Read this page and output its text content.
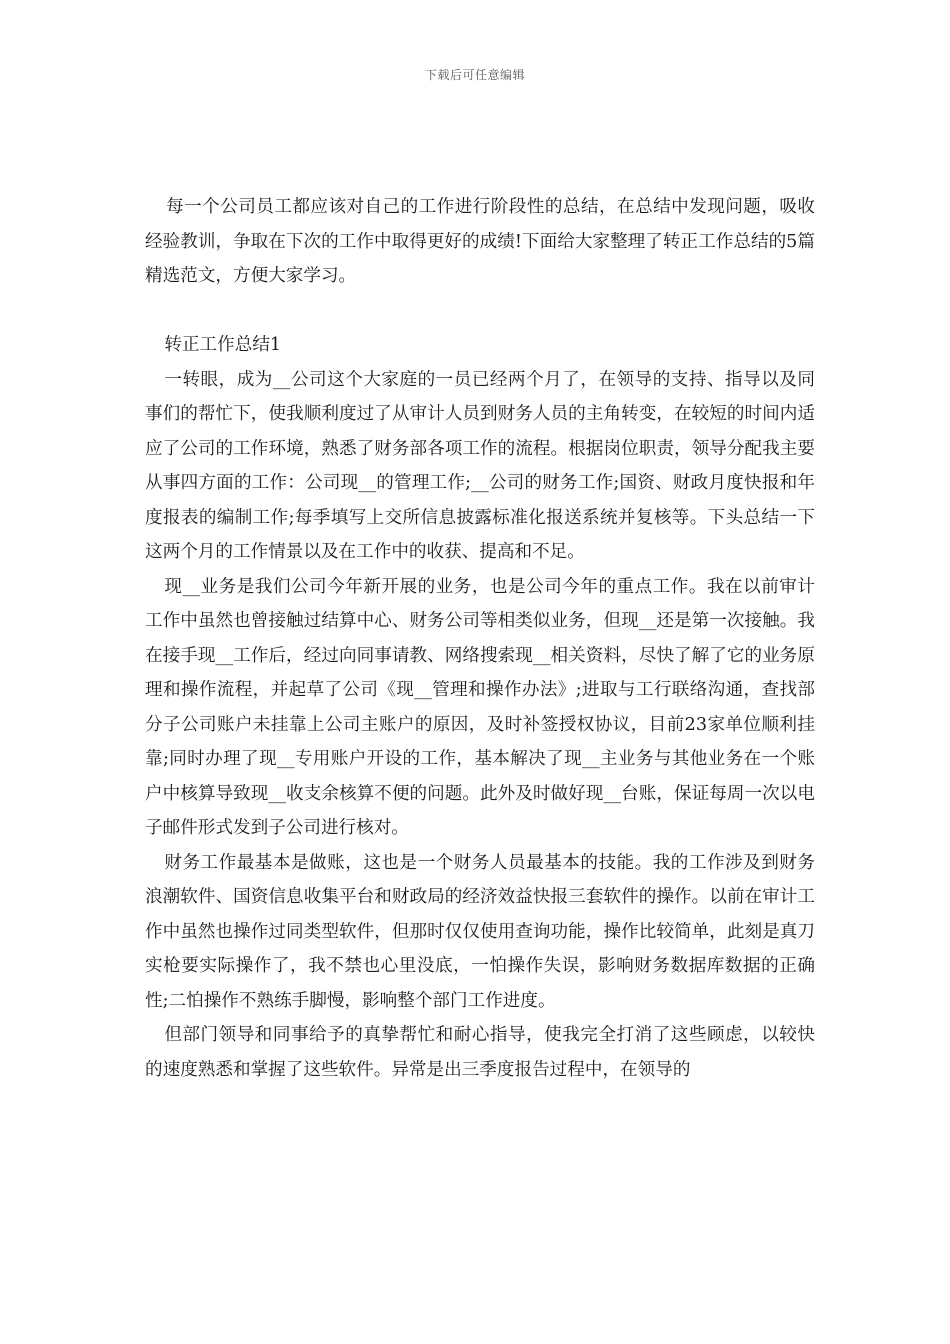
下载后可任意编辑

每一个公司员工都应该对自己的工作进行阶段性的总结，在总结中发现问题，吸收经验教训，争取在下次的工作中取得更好的成绩!下面给大家整理了转正工作总结的5篇精选范文，方便大家学习。

转正工作总结1

一转眼，成为__公司这个大家庭的一员已经两个月了，在领导的支持、指导以及同事们的帮忙下，使我顺利度过了从审计人员到财务人员的主角转变，在较短的时间内适应了公司的工作环境，熟悉了财务部各项工作的流程。根据岗位职责，领导分配我主要从事四方面的工作：公司现__的管理工作;__公司的财务工作;国资、财政月度快报和年度报表的编制工作;每季填写上交所信息披露标准化报送系统并复核等。下头总结一下这两个月的工作情景以及在工作中的收获、提高和不足。

现__业务是我们公司今年新开展的业务，也是公司今年的重点工作。我在以前审计工作中虽然也曾接触过结算中心、财务公司等相类似业务，但现__还是第一次接触。我在接手现__工作后，经过向同事请教、网络搜索现__相关资料，尽快了解了它的业务原理和操作流程，并起草了公司《现__管理和操作办法》;进取与工行联络沟通，查找部分子公司账户未挂靠上公司主账户的原因，及时补签授权协议，目前23家单位顺利挂靠;同时办理了现__专用账户开设的工作，基本解决了现__主业务与其他业务在一个账户中核算导致现__收支余核算不便的问题。此外及时做好现__台账，保证每周一次以电子邮件形式发到子公司进行核对。

财务工作最基本是做账，这也是一个财务人员最基本的技能。我的工作涉及到财务浪潮软件、国资信息收集平台和财政局的经济效益快报三套软件的操作。以前在审计工作中虽然也操作过同类型软件，但那时仅仅使用查询功能，操作比较简单，此刻是真刀实枪要实际操作了，我不禁也心里没底，一怕操作失误，影响财务数据库数据的正确性;二怕操作不熟练手脚慢，影响整个部门工作进度。

但部门领导和同事给予的真挚帮忙和耐心指导，使我完全打消了这些顾虑，以较快的速度熟悉和掌握了这些软件。异常是出三季度报告过程中，在领导的
